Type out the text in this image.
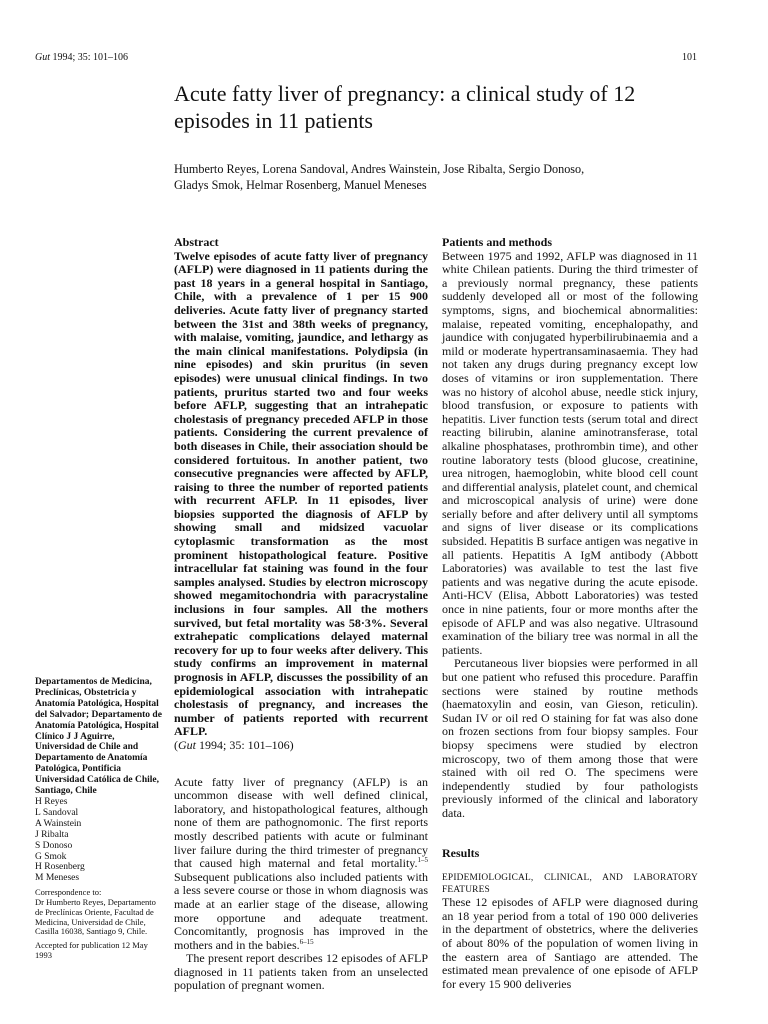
Gut 1994; 35: 101–106	101
Acute fatty liver of pregnancy: a clinical study of 12
episodes in 11 patients
Humberto Reyes, Lorena Sandoval, Andres Wainstein, Jose Ribalta, Sergio Donoso,
Gladys Smok, Helmar Rosenberg, Manuel Meneses
Abstract

Twelve episodes of acute fatty liver of pregnancy (AFLP) were diagnosed in 11 patients during the past 18 years in a general hospital in Santiago, Chile, with a prevalence of 1 per 15 900 deliveries. Acute fatty liver of pregnancy started between the 31st and 38th weeks of pregnancy, with malaise, vomiting, jaundice, and lethargy as the main clinical manifestations. Polydipsia (in nine episodes) and skin pruritus (in seven episodes) were unusual clinical findings. In two patients, pruritus started two and four weeks before AFLP, suggesting that an intrahepatic cholestasis of pregnancy preceded AFLP in those patients. Considering the current prevalence of both diseases in Chile, their association should be considered fortuitous. In another patient, two consecutive pregnancies were affected by AFLP, raising to three the number of reported patients with recurrent AFLP. In 11 episodes, liver biopsies supported the diagnosis of AFLP by showing small and midsized vacuolar cytoplasmic transformation as the most prominent histopathological feature. Positive intracellular fat staining was found in the four samples analysed. Studies by electron microscopy showed megamitochondria with paracrystaline inclusions in four samples. All the mothers survived, but fetal mortality was 58·3%. Several extrahepatic complications delayed maternal recovery for up to four weeks after delivery. This study confirms an improvement in maternal prognosis in AFLP, discusses the possibility of an epidemiological association with intrahepatic cholestasis of pregnancy, and increases the number of patients reported with recurrent AFLP.

(Gut 1994; 35: 101–106)

Acute fatty liver of pregnancy (AFLP) is an uncommon disease with well defined clinical, laboratory, and histopathological features, although none of them are pathognomonic. The first reports mostly described patients with acute or fulminant liver failure during the third trimester of pregnancy that caused high maternal and fetal mortality.$^{1-5}$ Subsequent publications also included patients with a less severe course or those in whom diagnosis was made at an earlier stage of the disease, allowing more opportune and adequate treatment. Concomitantly, prognosis has improved in the mothers and in the babies.$^{6-15}$

The present report describes 12 episodes of AFLP diagnosed in 11 patients taken from an unselected population of pregnant women.

Departamentos de Medicina, Preclínicas, Obstetricia y Anatomía Patológica, Hospital del Salvador; Departamento de Anatomía Patológica, Hospital Clínico J J Aguirre, Universidad de Chile and Departamento de Anatomía Patológica, Pontificia Universidad Católica de Chile, Santiago, Chile

H Reyes

L Sandoval

A Wainstein

J Ribalta

S Donoso

G Smok

H Rosenberg

M Meneses

Correspondence to:

Dr Humberto Reyes, Departamento de Preclínicas Oriente, Facultad de Medicina, Universidad de Chile, Casilla 16038, Santiago 9, Chile.

Accepted for publication 12 May 1993

Patients and methods

Between 1975 and 1992, AFLP was diagnosed in 11 white Chilean patients. During the third trimester of a previously normal pregnancy, these patients suddenly developed all or most of the following symptoms, signs, and biochemical abnormalities: malaise, repeated vomiting, encephalopathy, and jaundice with conjugated hyperbilirubinaemia and a mild or moderate hypertransaminasaemia. They had not taken any drugs during pregnancy except low doses of vitamins or iron supplementation. There was no history of alcohol abuse, needle stick injury, blood transfusion, or exposure to patients with hepatitis. Liver function tests (serum total and direct reacting bilirubin, alanine aminotransferase, total alkaline phosphatases, prothrombin time), and other routine laboratory tests (blood glucose, creatinine, urea nitrogen, haemoglobin, white blood cell count and differential analysis, platelet count, and chemical and microscopical analysis of urine) were done serially before and after delivery until all symptoms and signs of liver disease or its complications subsided. Hepatitis B surface antigen was negative in all patients. Hepatitis A IgM antibody (Abbott Laboratories) was available to test the last five patients and was negative during the acute episode. Anti-HCV (Elisa, Abbott Laboratories) was tested once in nine patients, four or more months after the episode of AFLP and was also negative. Ultrasound examination of the biliary tree was normal in all the patients.

Percutaneous liver biopsies were performed in all but one patient who refused this procedure. Paraffin sections were stained by routine methods (haematoxylin and eosin, van Gieson, reticulin). Sudan IV or oil red O staining for fat was also done on frozen sections from four biopsy samples. Four biopsy specimens were studied by electron microscopy, two of them among those that were stained with oil red O. The specimens were independently studied by four pathologists previously informed of the clinical and laboratory data.

Results
EPIDEMIOLOGICAL, CLINICAL, AND LABORATORY FEATURES

These 12 episodes of AFLP were diagnosed during an 18 year period from a total of 190 000 deliveries in the department of obstetrics, where the deliveries of about 80% of the population of women living in the eastern area of Santiago are attended. The estimated mean prevalence of one episode of AFLP for every 15 900 deliveries
